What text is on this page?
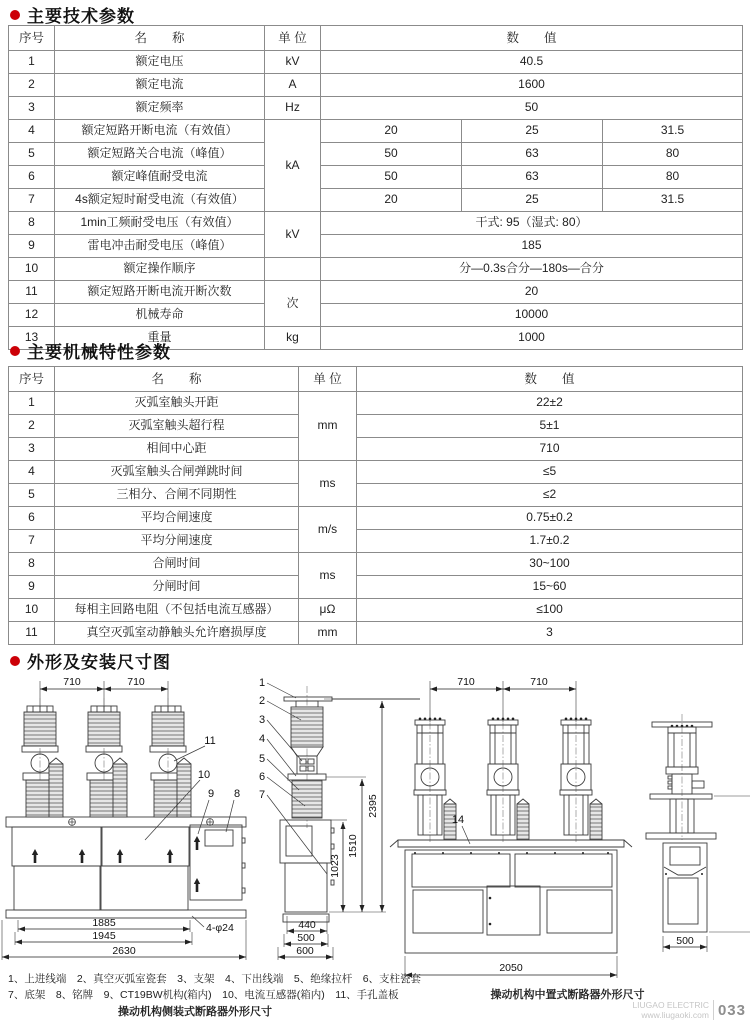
主要技术参数
序号	名　　称	单 位	数　　值		
1	额定电压	kV	40.5		
2	额定电流	A	1600		
3	额定频率	Hz	50		
4	额定短路开断电流（有效值）	kA	20	25	31.5
5	额定短路关合电流（峰值）		50	63	80
6	额定峰值耐受电流		50	63	80
7	4s额定短时耐受电流（有效值）		20	25	31.5
8	1min工频耐受电压（有效值）	kV	干式: 95（湿式: 80）		
9	雷电冲击耐受电压（峰值）		185		
10	额定操作顺序		分—0.3s合分—180s—合分		
11	额定短路开断电流开断次数	次	20		
12	机械寿命		10000		
13	重量	kg	1000		
主要机械特性参数
序号	名　　称	单 位	数　　值
1	灭弧室触头开距	mm	22±2
2	灭弧室触头超行程		5±1
3	相间中心距		710
4	灭弧室触头合闸弹跳时间	ms	≤5
5	三相分、合闸不同期性		≤2
6	平均合闸速度	m/s	0.75±0.2
7	平均分闸速度		1.7±0.2
8	合闸时间	ms	30~100
9	分闸时间		15~60
10	每相主回路电阻（不包括电流互感器）	μΩ	≤100
11	真空灭弧室动静触头允许磨损厚度	mm	3
外形及安装尺寸图
710	710
1885
1945
2630
4-φ24
11
10
9 8
1
2
3
4
5
6
7	2395
1510
1023
440
500
600
710	710
14
2050
500
1、上进线端　2、真空灭弧室瓷套　3、支架　4、下出线端　5、绝缘拉杆　6、支柱瓷套
7、底架　8、铭牌　9、CT19BW机构(箱内)　10、电流互感器(箱内)　11、手孔盖板
操动机构侧装式断路器外形尺寸
操动机构中置式断路器外形尺寸
LIUGAO ELECTRIC
www.liugaoki.com 033
